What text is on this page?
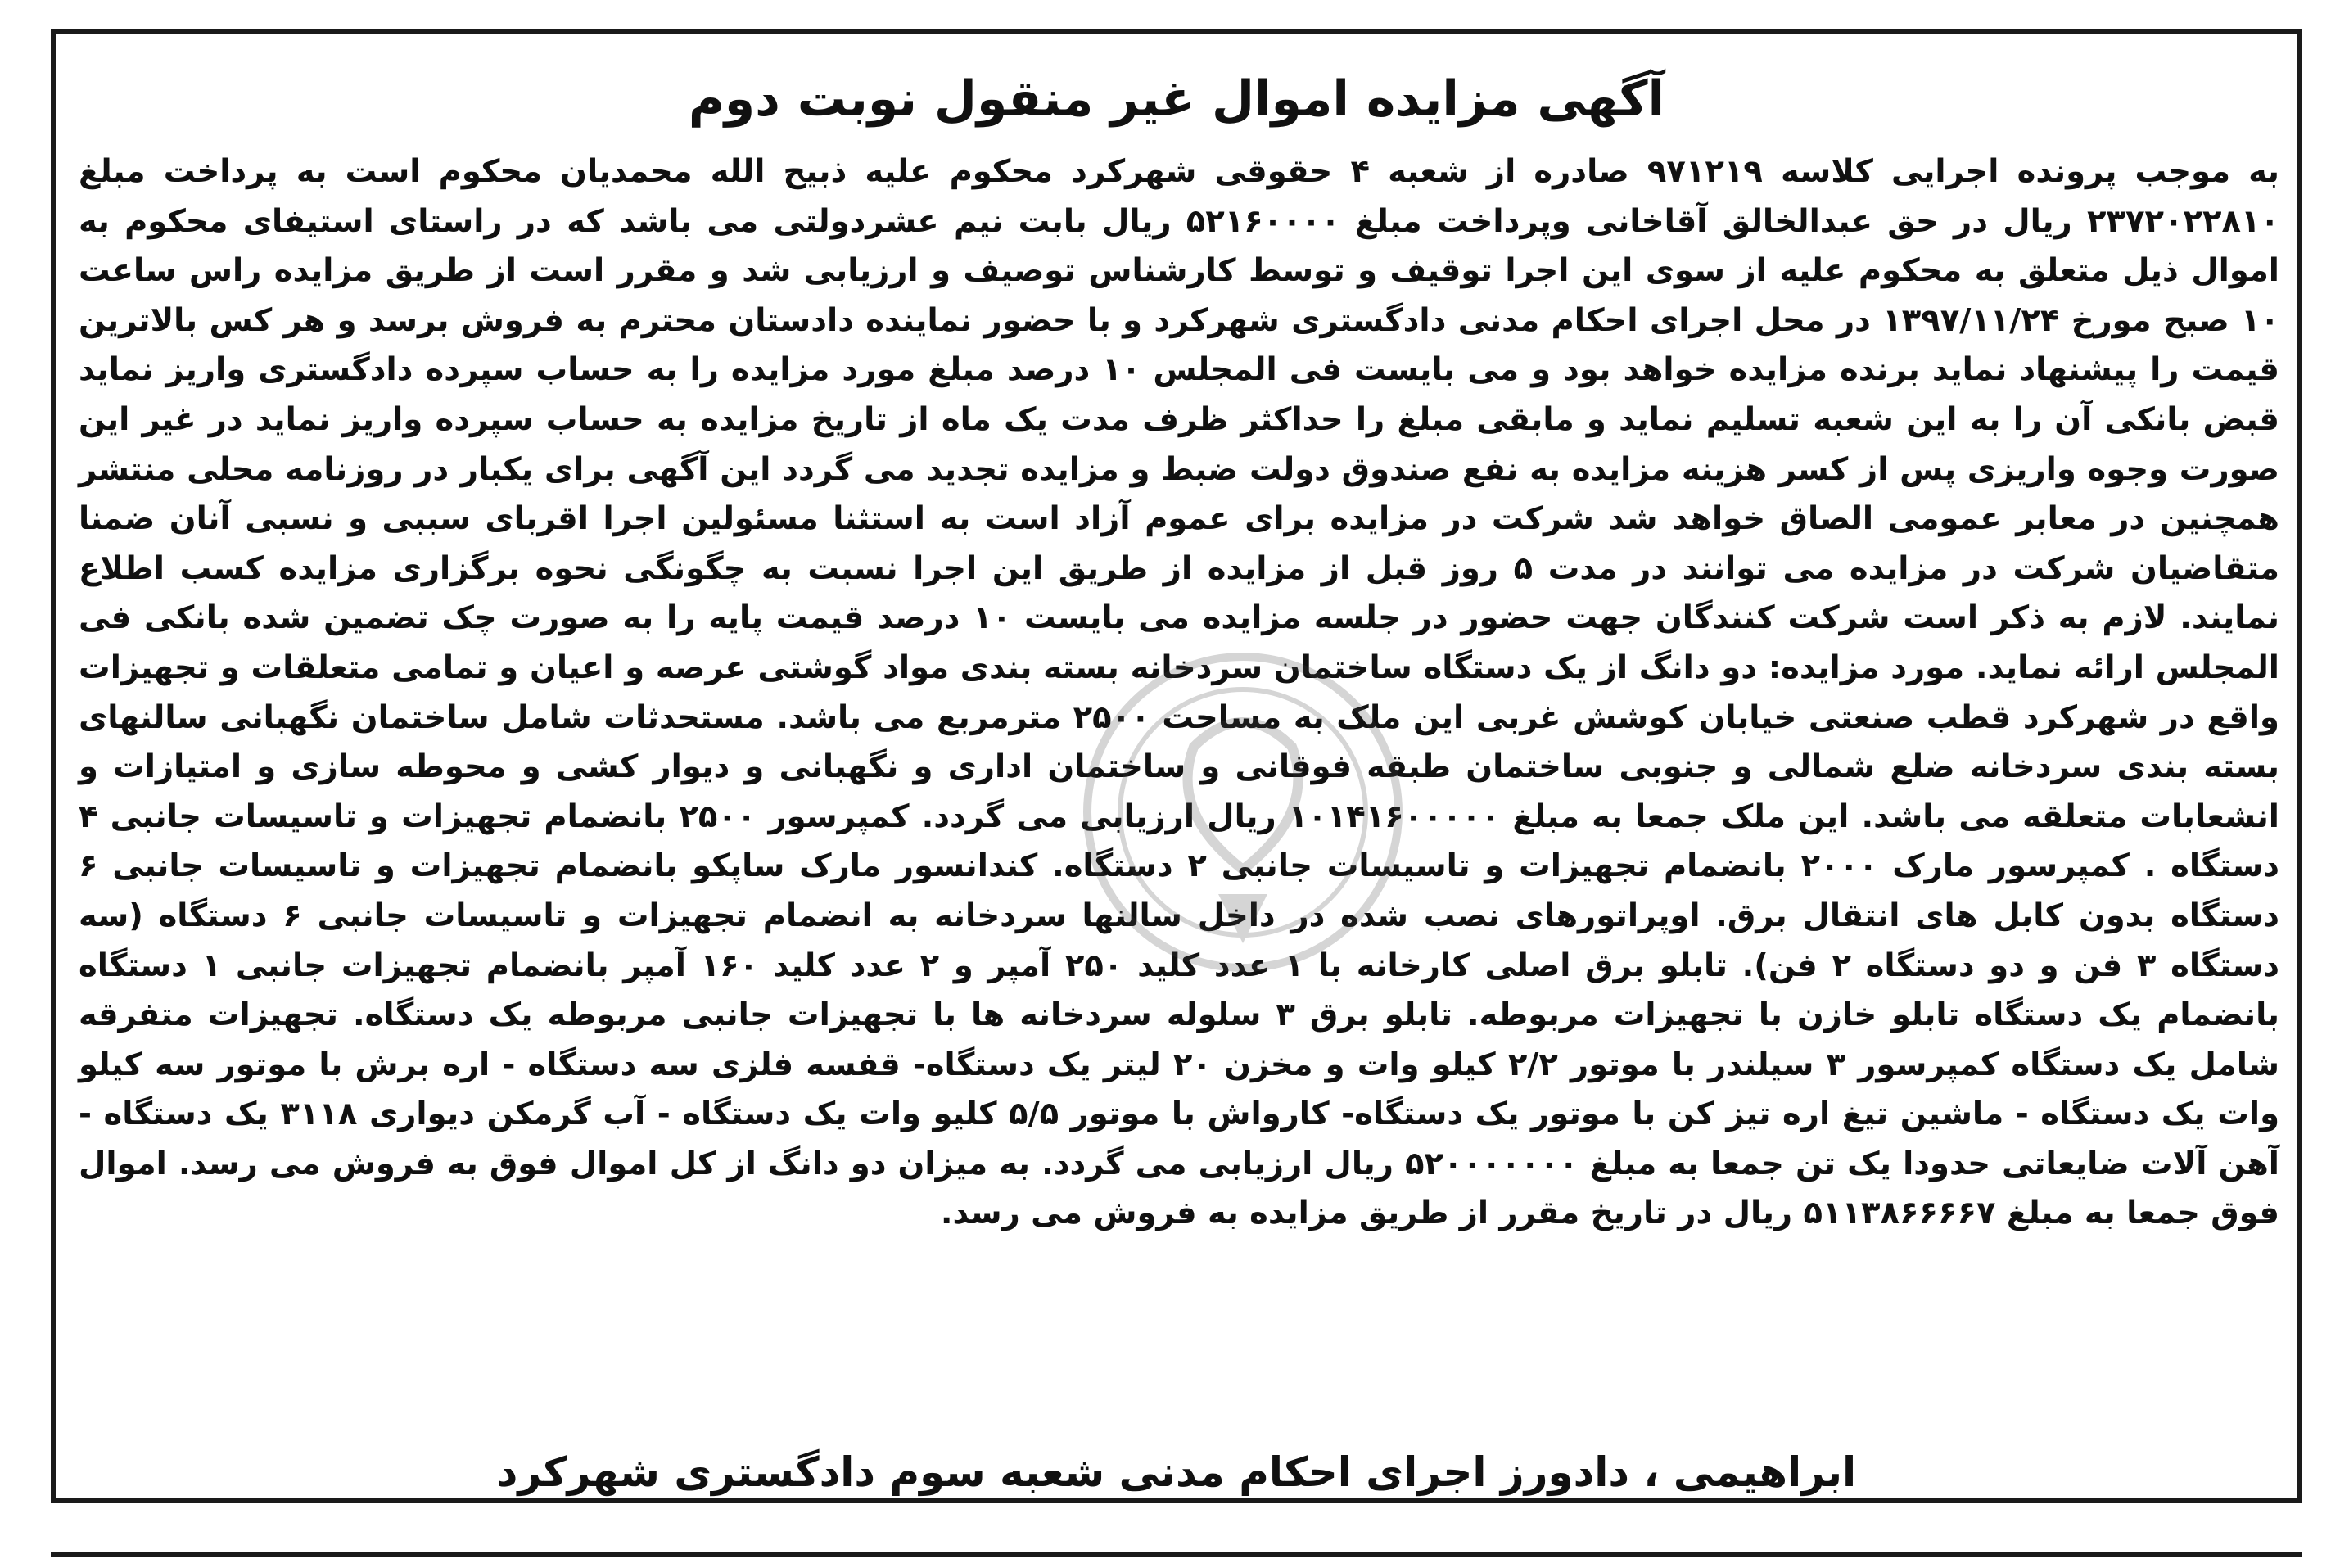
آگهی مزایده اموال غیر منقول نوبت دوم

به موجب پرونده اجرایی کلاسه ۹۷۱۲۱۹ صادره از شعبه ۴ حقوقی شهرکرد محکوم علیه ذبیح الله محمدیان محکوم است به پرداخت مبلغ ۲۳۷۲۰۲۲۸۱۰ ریال در حق عبدالخالق آقاخانی وپرداخت مبلغ ۵۲۱۶۰۰۰۰ ریال بابت نیم عشردولتی می باشد که در راستای استیفای محکوم به اموال ذیل متعلق به محکوم علیه از سوی این اجرا توقیف و توسط کارشناس توصیف و ارزیابی شد و مقرر است از طریق مزایده راس ساعت ۱۰ صبح مورخ ۱۳۹۷/۱۱/۲۴ در محل اجرای احکام مدنی دادگستری شهرکرد و با حضور نماینده دادستان محترم به فروش برسد و هر کس بالاترین قیمت را پیشنهاد نماید برنده مزایده خواهد بود و می بایست فی المجلس ۱۰ درصد مبلغ مورد مزایده را به حساب سپرده دادگستری واریز نماید قبض بانکی آن را به این شعبه تسلیم نماید و مابقی مبلغ را حداکثر ظرف مدت یک ماه از تاریخ مزایده به حساب سپرده واریز نماید در غیر این صورت وجوه واریزی پس از کسر هزینه مزایده به نفع صندوق دولت ضبط و مزایده تجدید می گردد این آگهی برای یکبار در روزنامه محلی منتشر همچنین در معابر عمومی الصاق خواهد شد شرکت در مزایده برای عموم آزاد است به استثنا مسئولین اجرا اقربای سببی و نسبی آنان ضمنا متقاضیان شرکت در مزایده می توانند در مدت ۵ روز قبل از مزایده از طریق این اجرا نسبت به چگونگی نحوه برگزاری مزایده کسب اطلاع نمایند. لازم به ذکر است شرکت کنندگان جهت حضور در جلسه مزایده می بایست ۱۰ درصد قیمت پایه را به صورت چک تضمین شده بانکی فی المجلس ارائه نماید. مورد مزایده: دو دانگ از یک دستگاه ساختمان سردخانه بسته بندی مواد گوشتی عرصه و اعیان و تمامی متعلقات و تجهیزات واقع در شهرکرد قطب صنعتی خیابان کوشش غربی این ملک به مساحت ۲۵۰۰ مترمربع می باشد. مستحدثات شامل ساختمان نگهبانی سالنهای بسته بندی سردخانه ضلع شمالی و جنوبی ساختمان طبقه فوقانی و ساختمان اداری و نگهبانی و دیوار کشی و محوطه سازی و امتیازات و انشعابات متعلقه می باشد. این ملک جمعا به مبلغ ۱۰۱۴۱۶۰۰۰۰۰ ریال ارزیابی می گردد. کمپرسور ۲۵۰۰ بانضمام تجهیزات و تاسیسات جانبی ۴ دستگاه . کمپرسور مارک ۲۰۰۰ بانضمام تجهیزات و تاسیسات جانبی ۲ دستگاه. کندانسور مارک ساپکو بانضمام تجهیزات و تاسیسات جانبی ۶ دستگاه بدون کابل های انتقال برق. اوپراتورهای نصب شده در داخل سالنها سردخانه به انضمام تجهیزات و تاسیسات جانبی ۶ دستگاه (سه دستگاه ۳ فن و دو دستگاه ۲ فن). تابلو برق اصلی کارخانه با ۱ عدد کلید ۲۵۰ آمپر و ۲ عدد کلید ۱۶۰ آمپر بانضمام تجهیزات جانبی ۱ دستگاه بانضمام یک دستگاه تابلو خازن با تجهیزات مربوطه. تابلو برق ۳ سلوله سردخانه ها با تجهیزات جانبی مربوطه یک دستگاه. تجهیزات متفرقه شامل یک دستگاه کمپرسور ۳ سیلندر با موتور ۲/۲ کیلو وات و مخزن ۲۰ لیتر یک دستگاه- قفسه فلزی سه دستگاه - اره برش با موتور سه کیلو وات یک دستگاه - ماشین تیغ اره تیز کن با موتور یک دستگاه- کارواش با موتور ۵/۵ کلیو وات یک دستگاه - آب گرمکن دیواری ۳۱۱۸ یک دستگاه - آهن آلات ضایعاتی حدودا یک تن جمعا به مبلغ ۵۲۰۰۰۰۰۰۰ ریال ارزیابی می گردد. به میزان دو دانگ از کل اموال فوق به فروش می رسد. اموال فوق جمعا به مبلغ ۵۱۱۳۸۶۶۶۶۷ ریال در تاریخ مقرر از طریق مزایده به فروش می رسد.

ابراهیمی ، دادورز اجرای احکام مدنی شعبه سوم دادگستری شهرکرد
